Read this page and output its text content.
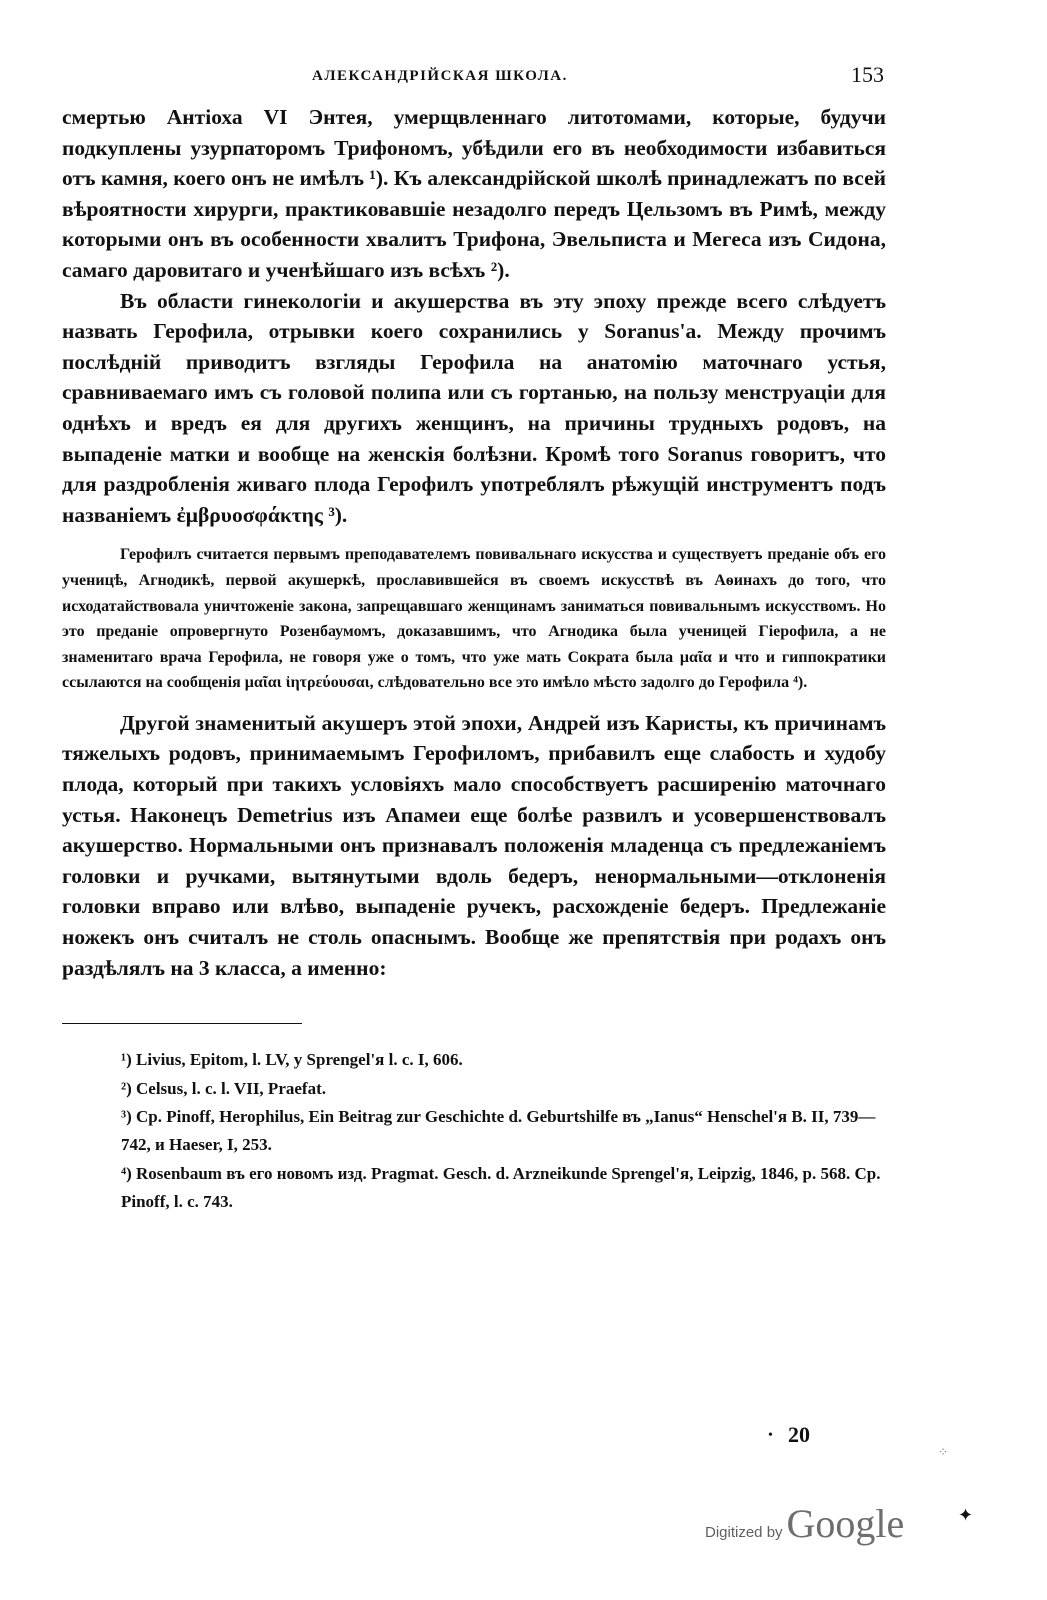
АЛЕКСАНДРІЙСКАЯ ШКОЛА.	153

смертью Антіоха VI Энтея, умерщвленнаго литотомами, которые, будучи подкуплены узурпаторомъ Трифономъ, убѣдили его въ необходимости избавиться отъ камня, коего онъ не имѣлъ ¹). Къ александрійской школѣ принадлежатъ по всей вѣроятности хирурги, практиковавшіе незадолго передъ Цельзомъ въ Римѣ, между которыми онъ въ особенности хвалитъ Трифона, Эвельписта и Мегеса изъ Сидона, самаго даровитаго и ученѣйшаго изъ всѣхъ ²).

Въ области гинекологіи и акушерства въ эту эпоху прежде всего слѣдуетъ назвать Герофила, отрывки коего сохранились у Soranus'а. Между прочимъ послѣдній приводитъ взгляды Герофила на анатомію маточнаго устья, сравниваемаго имъ съ головой полипа или съ гортанью, на пользу менструаціи для однѣхъ и вредъ ея для другихъ женщинъ, на причины трудныхъ родовъ, на выпаденіе матки и вообще на женскія болѣзни. Кромѣ того Soranus говоритъ, что для раздробленія живаго плода Герофилъ употреблялъ рѣжущій инструментъ подъ названіемъ ἐμβρυοσφάκτης ³).

Герофилъ считается первымъ преподавателемъ повивальнаго искусства и существуетъ преданіе объ его ученицѣ, Агнодикѣ, первой акушеркѣ, прославившейся въ своемъ искусствѣ въ Аѳинахъ до того, что исходатайствовала уничтоженіе закона, запрещавшаго женщинамъ заниматься повивальнымъ искусствомъ. Но это преданіе опровергнуто Розенбаумомъ, доказавшимъ, что Агнодика была ученицей Гіерофила, а не знаменитаго врача Герофила, не говоря уже о томъ, что уже мать Сократа была μαῖα и что и гиппократики ссылаются на сообщенія μαῖαι ἰητρεύουσαι, слѣдовательно все это имѣло мѣсто задолго до Герофила ⁴).

Другой знаменитый акушеръ этой эпохи, Андрей изъ Каристы, къ причинамъ тяжелыхъ родовъ, принимаемымъ Герофиломъ, прибавилъ еще слабость и худобу плода, который при такихъ условіяхъ мало способствуетъ расширенію маточнаго устья. Наконецъ Demetrius изъ Апамеи еще болѣе развилъ и усовершенствовалъ акушерство. Нормальными онъ признавалъ положенія младенца съ предлежаніемъ головки и ручками, вытянутыми вдоль бедеръ, ненормальными—отклоненія головки вправо или влѣво, выпаденіе ручекъ, расхожденіе бедеръ. Предлежаніе ножекъ онъ считалъ не столь опаснымъ. Вообще же препятствія при родахъ онъ раздѣлялъ на 3 класса, а именно:

¹) Livius, Epitom, l. LV, у Sprengel'я l. c. I, 606.

²) Celsus, l. c. l. VII, Praefat.

³) Cp. Pinoff, Herophilus, Ein Beitrag zur Geschichte d. Geburtshilfe въ „Ianus“ Henschel'я B. II, 739—742, и Haeser, I, 253.

⁴) Rosenbaum въ его новомъ изд. Pragmat. Gesch. d. Arzneikunde Sprengel'я, Leipzig, 1846, p. 568. Cp. Pinoff, l. c. 743.

• 20
⁘
Digitized by Google	✦
